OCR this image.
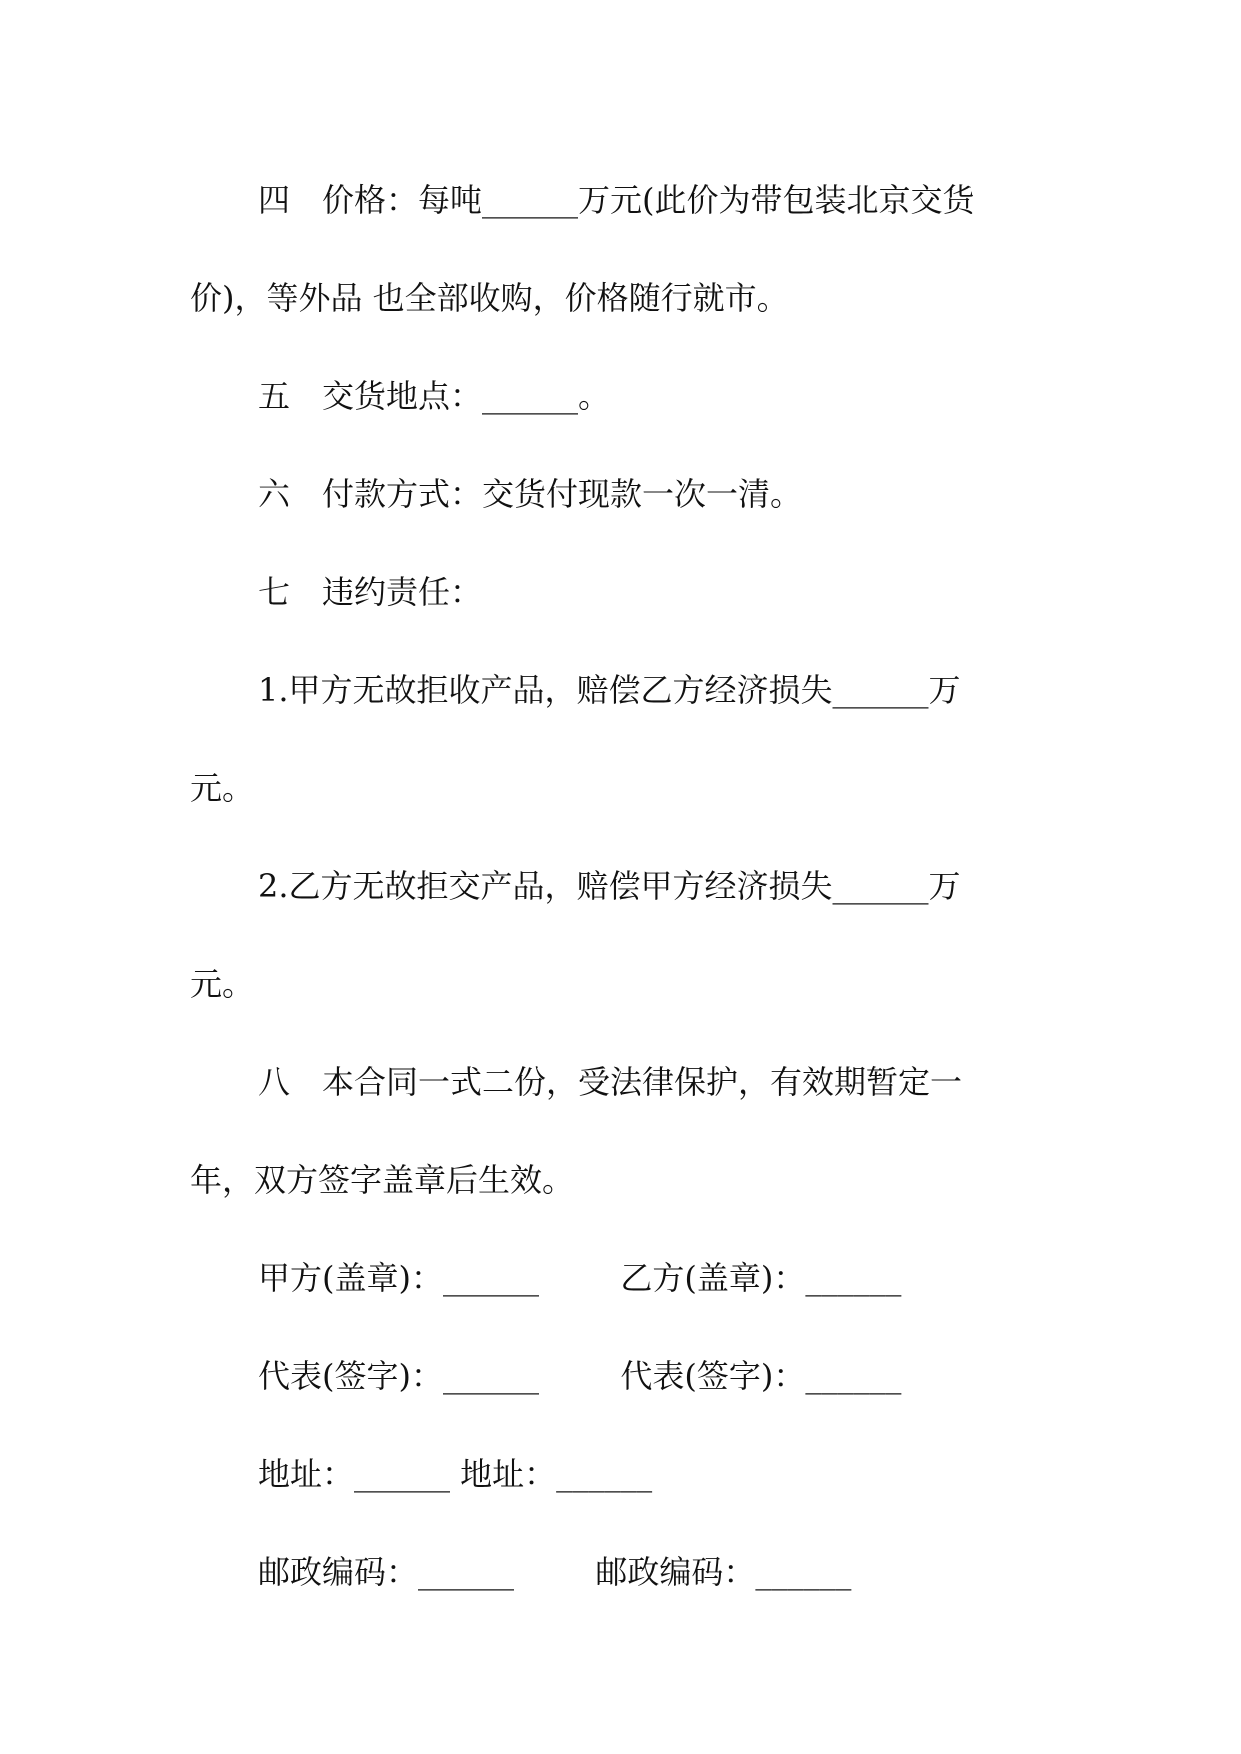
四　价格：每吨______万元(此价为带包装北京交货
价)，等外品 也全部收购，价格随行就市。
五　交货地点：______。
六　付款方式：交货付现款一次一清。
七　违约责任：
1.甲方无故拒收产品，赔偿乙方经济损失______万
元。
2.乙方无故拒交产品，赔偿甲方经济损失______万
元。
八　本合同一式二份，受法律保护，有效期暂定一
年，双方签字盖章后生效。
甲方(盖章)：______        乙方(盖章)：______
代表(签字)：______        代表(签字)：______
地址：______ 地址：______
邮政编码：______        邮政编码：______
